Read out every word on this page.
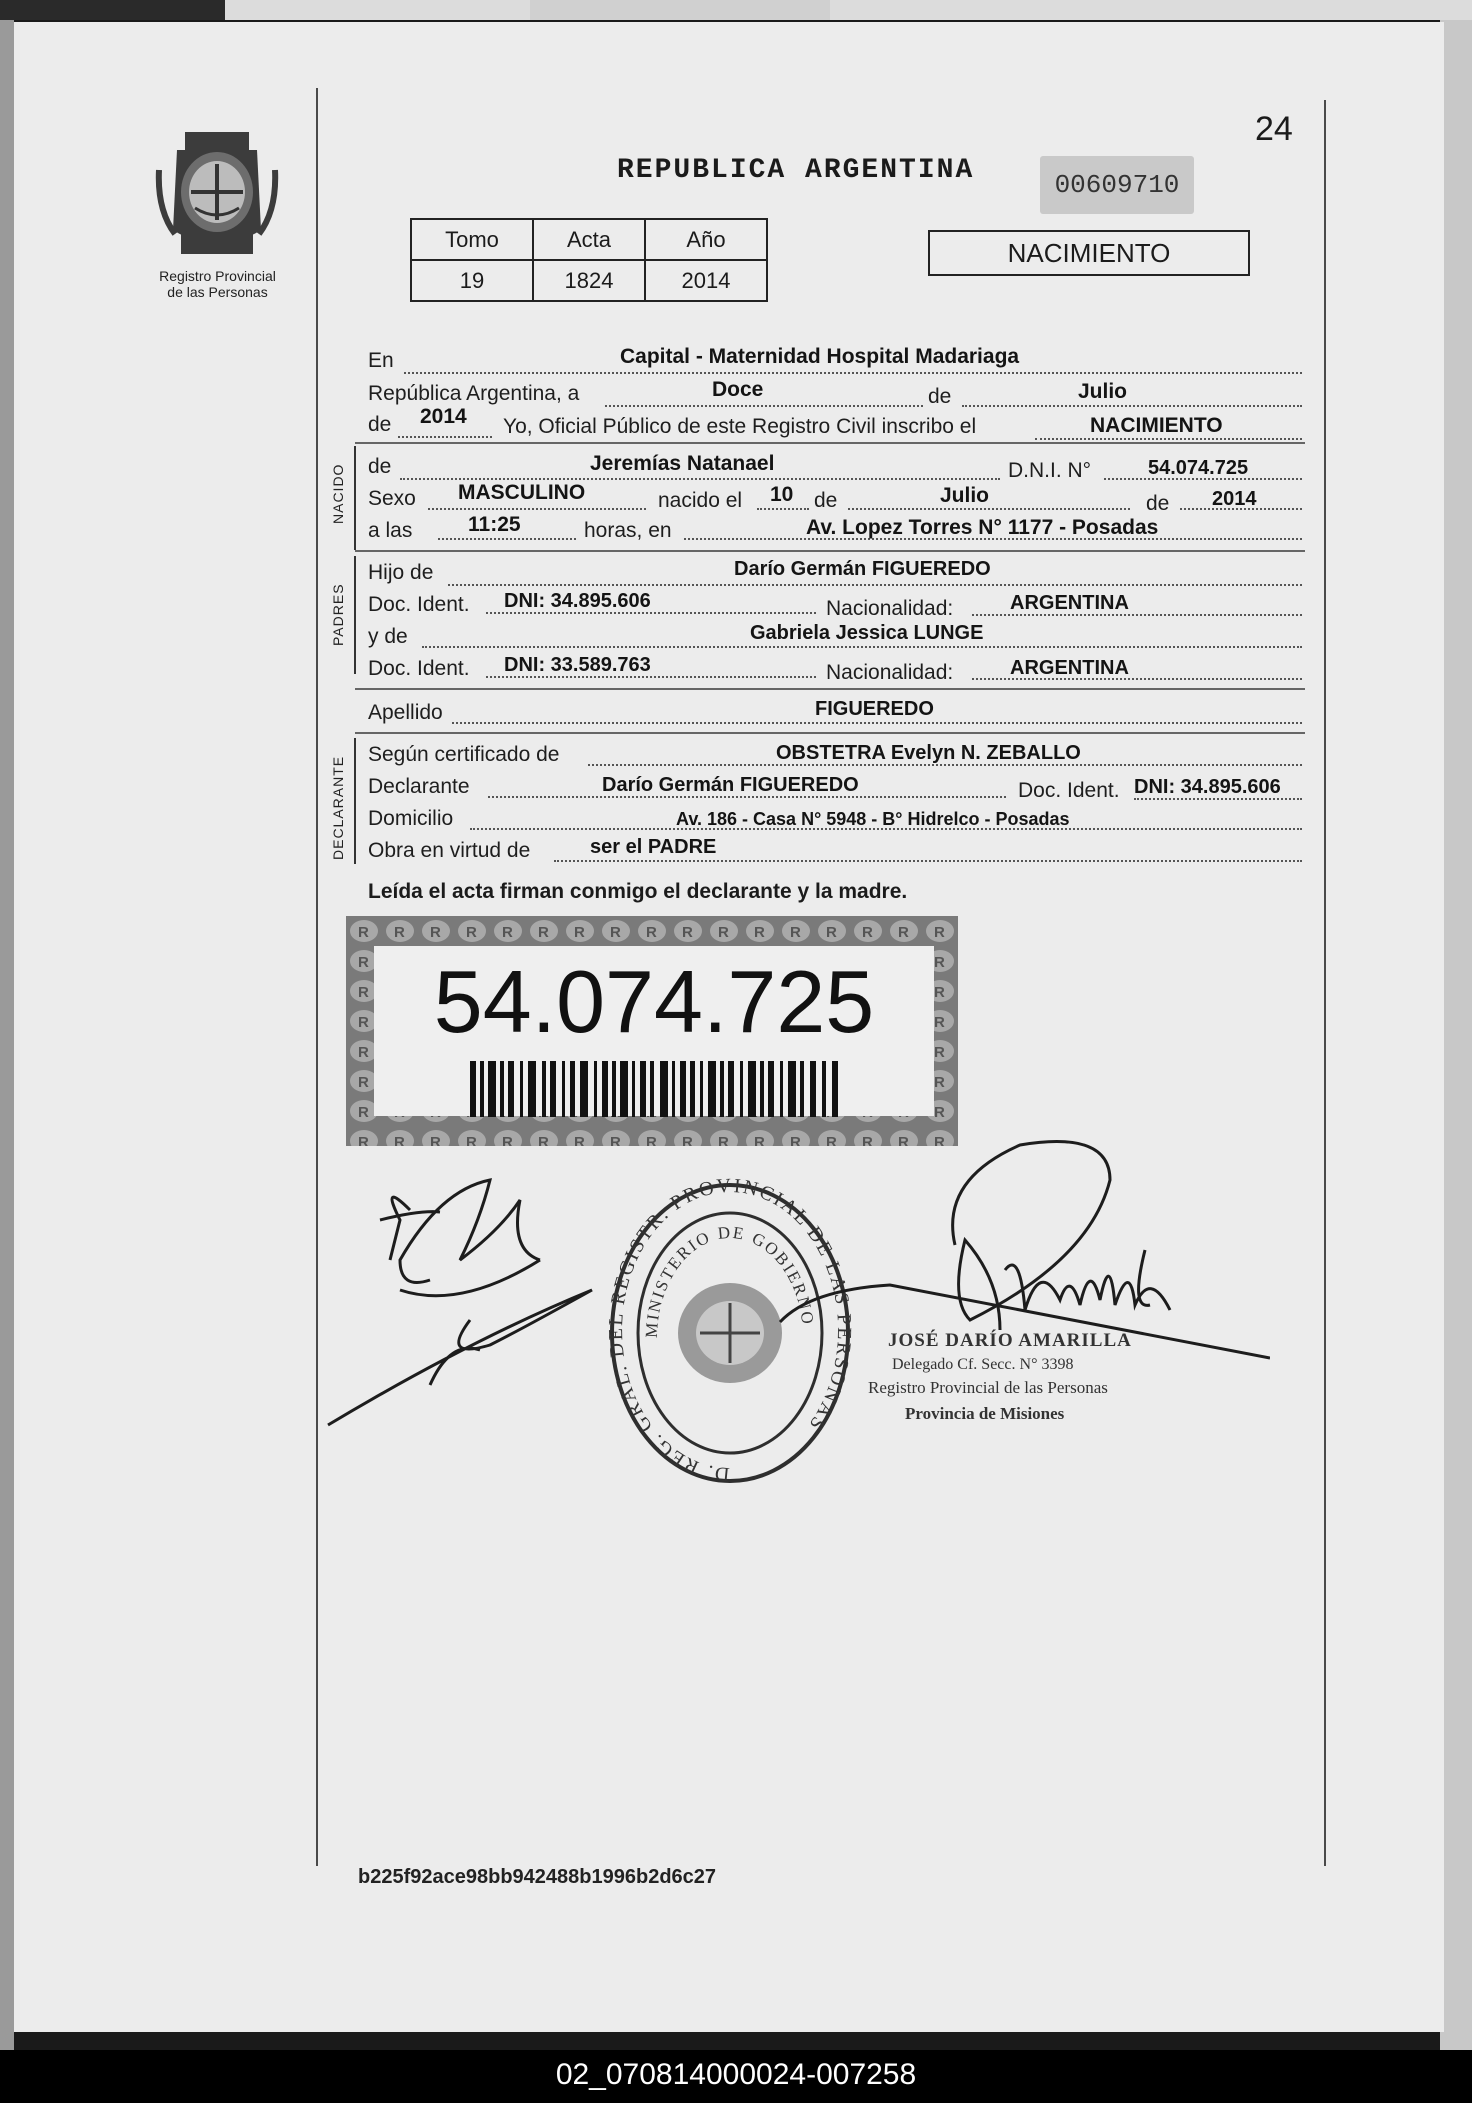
Registro Provincial
de las Personas
24
REPUBLICA ARGENTINA	00609710
Tomo	Acta	Año
19	1824	2014
NACIMIENTO
En	Capital - Maternidad Hospital Madariaga
República Argentina, a	Doce	de	Julio
de 2014 Yo, Oficial Público de este Registro Civil inscribo el	NACIMIENTO
NACIDO de	Jeremías Natanael	D.N.I. N°	54.074.725
Sexo MASCULINO	nacido el 10 de	Julio	de 2014
a las	11:25	horas, en	Av. Lopez Torres N° 1177 - Posadas
PADRES
Hijo de	Darío Germán FIGUEREDO
Doc. Ident. DNI: 34.895.606	Nacionalidad:	ARGENTINA
y de	Gabriela Jessica LUNGE
Doc. Ident. DNI: 33.589.763	Nacionalidad:	ARGENTINA
Apellido	FIGUEREDO
DECLARANTE
Según certificado de	OBSTETRA Evelyn N. ZEBALLO
Declarante	Darío Germán FIGUEREDO	Doc. Ident. DNI: 34.895.606
Domicilio	Av. 186 - Casa N° 5948 - B° Hidrelco - Posadas
Obra en virtud de	ser el PADRE
Leída el acta firman conmigo el declarante y la madre.
54.074.725
D. REG. GRAL. DEL REGISTR. PROVINCIAL DE LAS PERSONAS
MINISTERIO DE GOBIERNO
JOSÉ DARÍO AMARILLA
Delegado Cf. Secc. N° 3398
Registro Provincial de las Personas
Provincia de Misiones
b225f92ace98bb942488b1996b2d6c27
02_070814000024-007258
